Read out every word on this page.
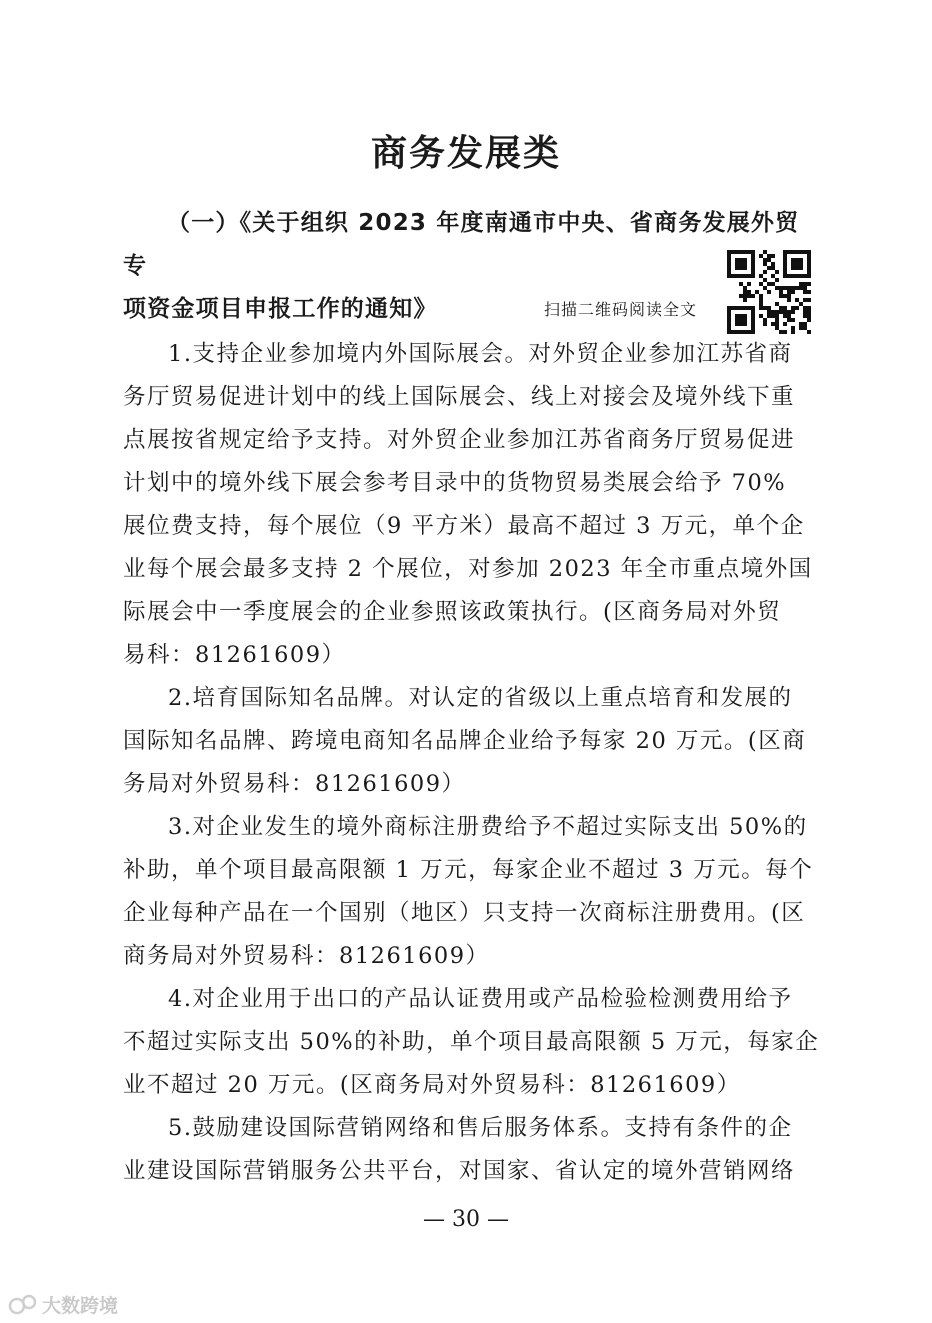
商务发展类
（一）《关于组织 2023 年度南通市中央、省商务发展外贸专
项资金项目申报工作的通知》	扫描二维码阅读全文
1.支持企业参加境内外国际展会。对外贸企业参加江苏省商
务厅贸易促进计划中的线上国际展会、线上对接会及境外线下重
点展按省规定给予支持。对外贸企业参加江苏省商务厅贸易促进
计划中的境外线下展会参考目录中的货物贸易类展会给予 70%
展位费支持，每个展位（9 平方米）最高不超过 3 万元，单个企
业每个展会最多支持 2 个展位，对参加 2023 年全市重点境外国
际展会中一季度展会的企业参照该政策执行。(区商务局对外贸
易科：81261609）
2.培育国际知名品牌。对认定的省级以上重点培育和发展的
国际知名品牌、跨境电商知名品牌企业给予每家 20 万元。(区商
务局对外贸易科：81261609）
3.对企业发生的境外商标注册费给予不超过实际支出 50%的
补助，单个项目最高限额 1 万元，每家企业不超过 3 万元。每个
企业每种产品在一个国别（地区）只支持一次商标注册费用。(区
商务局对外贸易科：81261609）
4.对企业用于出口的产品认证费用或产品检验检测费用给予
不超过实际支出 50%的补助，单个项目最高限额 5 万元，每家企
业不超过 20 万元。(区商务局对外贸易科：81261609）
5.鼓励建设国际营销网络和售后服务体系。支持有条件的企
业建设国际营销服务公共平台，对国家、省认定的境外营销网络
— 30 —
大数跨境
